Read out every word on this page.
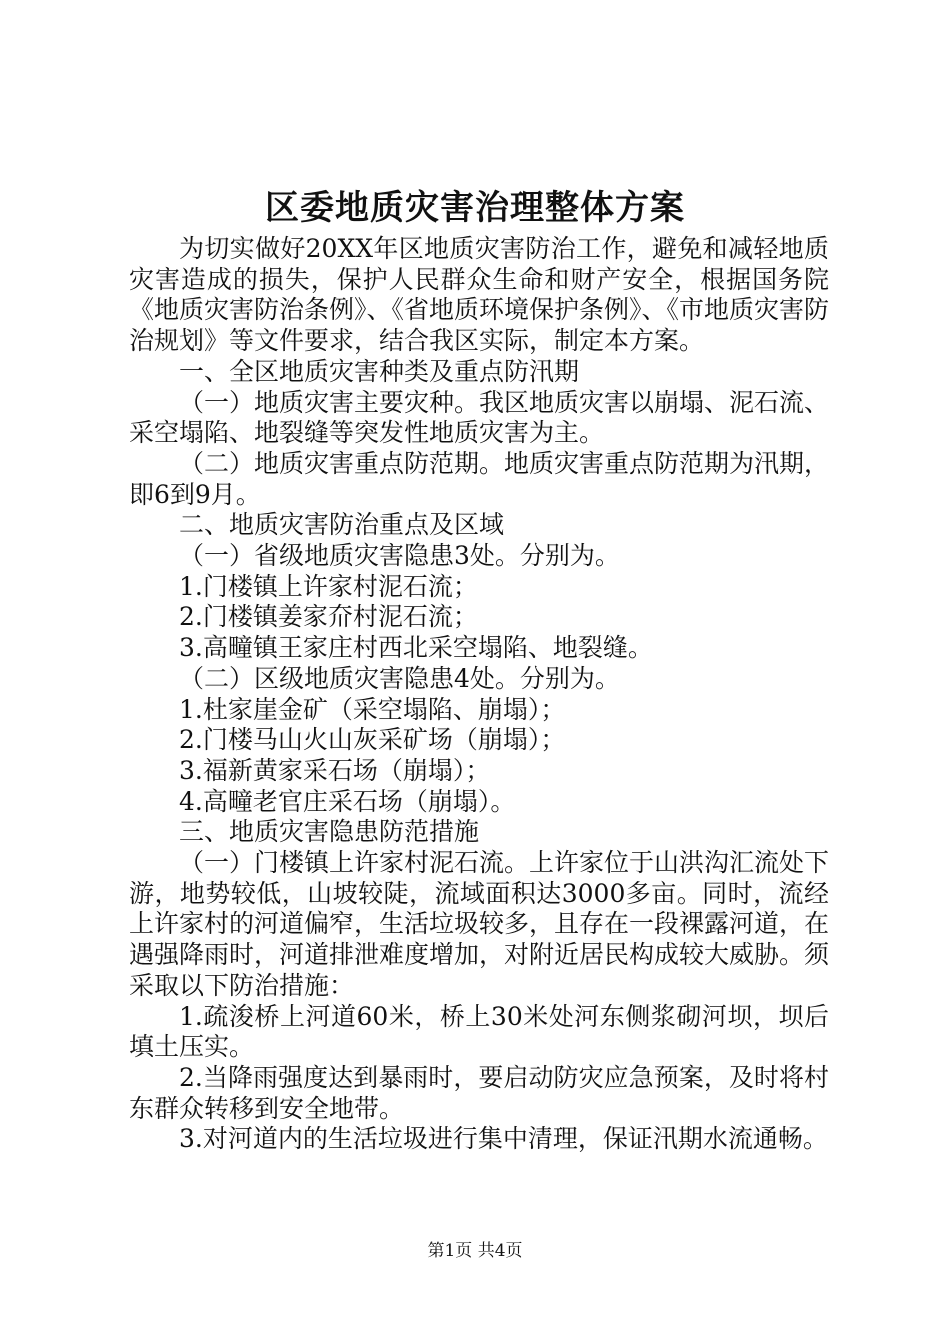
区委地质灾害治理整体方案

为切实做好20XX年区地质灾害防治工作，避免和减轻地质灾害造成的损失，保护人民群众生命和财产安全，根据国务院《地质灾害防治条例》、《省地质环境保护条例》、《市地质灾害防治规划》等文件要求，结合我区实际，制定本方案。

一、全区地质灾害种类及重点防汛期

（一）地质灾害主要灾种。我区地质灾害以崩塌、泥石流、采空塌陷、地裂缝等突发性地质灾害为主。

（二）地质灾害重点防范期。地质灾害重点防范期为汛期，即6到9月。

二、地质灾害防治重点及区域

（一）省级地质灾害隐患3处。分别为。

1.门楼镇上许家村泥石流；

2.门楼镇姜家夼村泥石流；

3.高疃镇王家庄村西北采空塌陷、地裂缝。

（二）区级地质灾害隐患4处。分别为。

1.杜家崖金矿（采空塌陷、崩塌）；

2.门楼马山火山灰采矿场（崩塌）；

3.福新黄家采石场（崩塌）；

4.高疃老官庄采石场（崩塌）。

三、地质灾害隐患防范措施

（一）门楼镇上许家村泥石流。上许家位于山洪沟汇流处下游，地势较低，山坡较陡，流域面积达3000多亩。同时，流经上许家村的河道偏窄，生活垃圾较多，且存在一段裸露河道，在遇强降雨时，河道排泄难度增加，对附近居民构成较大威胁。须采取以下防治措施：

1.疏浚桥上河道60米，桥上30米处河东侧浆砌河坝，坝后填土压实。

2.当降雨强度达到暴雨时，要启动防灾应急预案，及时将村东群众转移到安全地带。

3.对河道内的生活垃圾进行集中清理，保证汛期水流通畅。

第1页 共4页
